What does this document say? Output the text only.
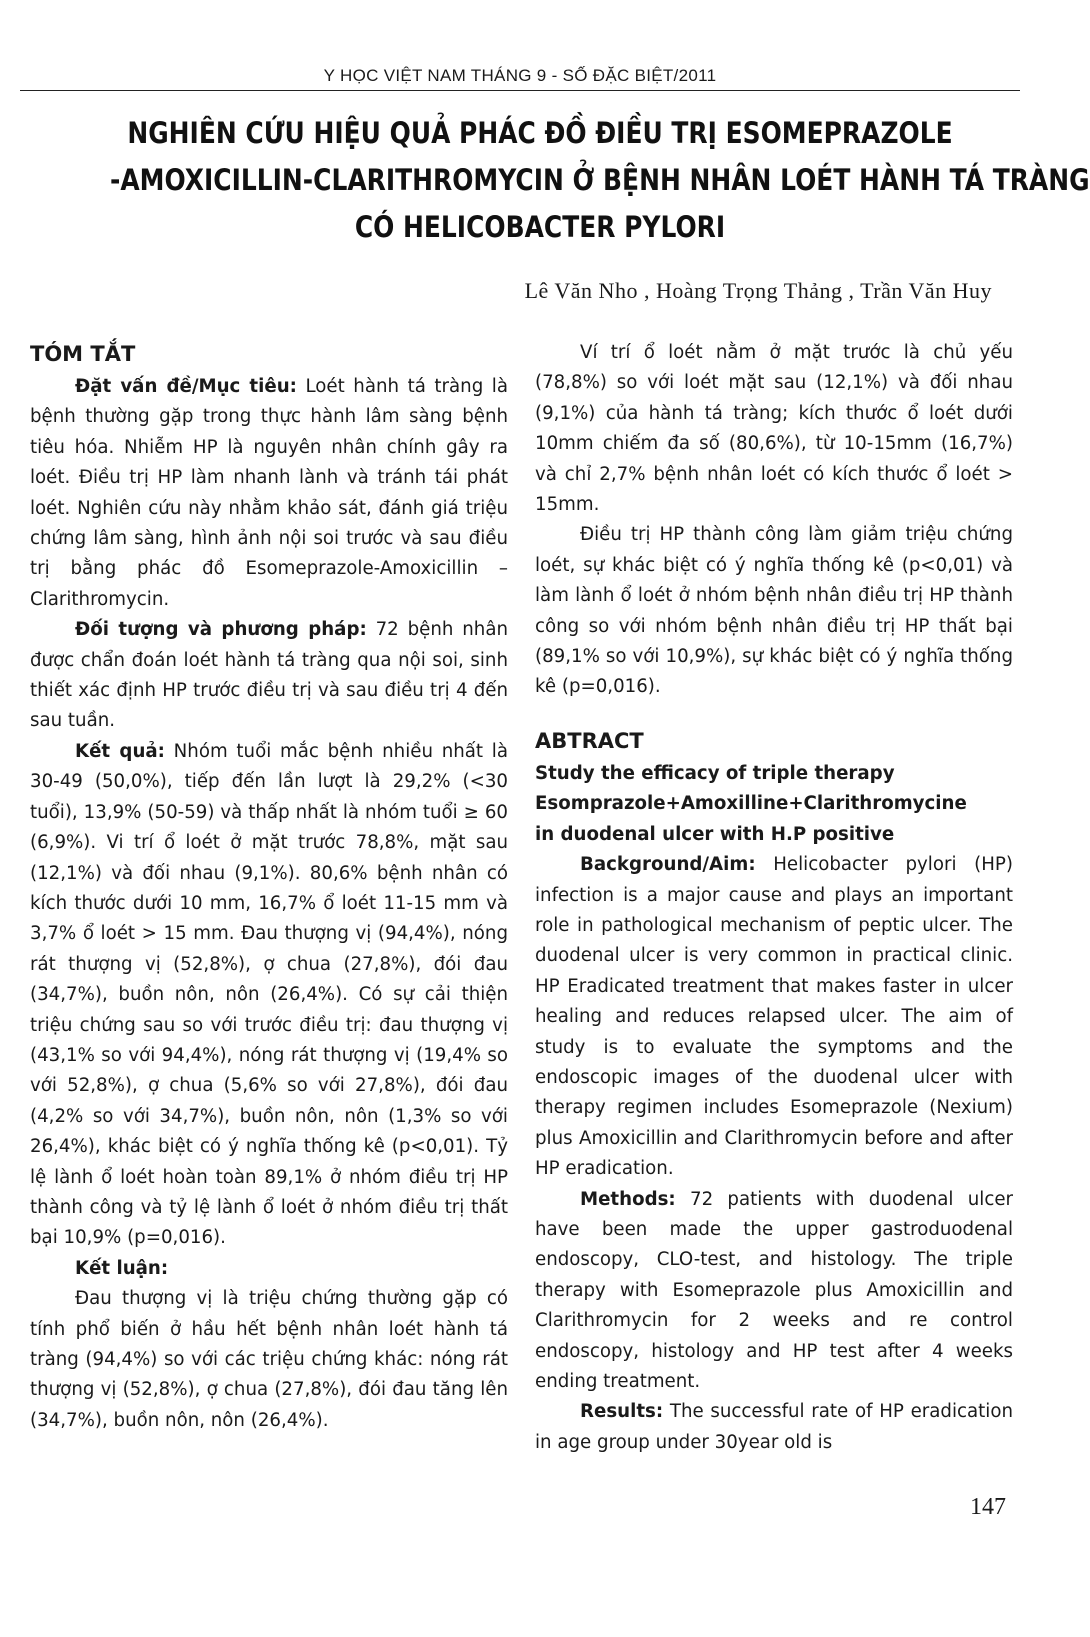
Y HỌC VIỆT NAM THÁNG 9 - SỐ ĐẶC BIỆT/2011
NGHIÊN CỨU HIỆU QUẢ PHÁC ĐỒ ĐIỀU TRỊ ESOMEPRAZOLE
-AMOXICILLIN-CLARITHROMYCIN Ở BỆNH NHÂN LOÉT HÀNH TÁ TRÀNG
CÓ HELICOBACTER PYLORI
Lê Văn Nho , Hoàng Trọng Thảng , Trần Văn Huy
TÓM TẮT

Đặt vấn đề/Mục tiêu: Loét hành tá tràng là bệnh thường gặp trong thực hành lâm sàng bệnh tiêu hóa. Nhiễm HP là nguyên nhân chính gây ra loét. Điều trị HP làm nhanh lành và tránh tái phát loét. Nghiên cứu này nhằm khảo sát, đánh giá triệu chứng lâm sàng, hình ảnh nội soi trước và sau điều trị bằng phác đồ Esomeprazole-Amoxicillin –Clarithromycin.

Đối tượng và phương pháp: 72 bệnh nhân được chẩn đoán loét hành tá tràng qua nội soi, sinh thiết xác định HP trước điều trị và sau điều trị 4 đến sau tuần.

Kết quả: Nhóm tuổi mắc bệnh nhiều nhất là 30-49 (50,0%), tiếp đến lần lượt là 29,2% (<30 tuổi), 13,9% (50-59) và thấp nhất là nhóm tuổi ≥ 60 (6,9%). Vi trí ổ loét ở mặt trước 78,8%, mặt sau (12,1%) và đối nhau (9,1%). 80,6% bệnh nhân có kích thước dưới 10 mm, 16,7% ổ loét 11-15 mm và 3,7% ổ loét > 15 mm. Đau thượng vị (94,4%), nóng rát thượng vị (52,8%), ợ chua (27,8%), đói đau (34,7%), buồn nôn, nôn (26,4%). Có sự cải thiện triệu chứng sau so với trước điều trị: đau thượng vị (43,1% so với 94,4%), nóng rát thượng vị (19,4% so với 52,8%), ợ chua (5,6% so với 27,8%), đói đau (4,2% so với 34,7%), buồn nôn, nôn (1,3% so với 26,4%), khác biệt có ý nghĩa thống kê (p<0,01). Tỷ lệ lành ổ loét hoàn toàn 89,1% ở nhóm điều trị HP thành công và tỷ lệ lành ổ loét ở nhóm điều trị thất bại 10,9% (p=0,016).

Kết luận:

Đau thượng vị là triệu chứng thường gặp có tính phổ biến ở hầu hết bệnh nhân loét hành tá tràng (94,4%) so với các triệu chứng khác: nóng rát thượng vị (52,8%), ợ chua (27,8%), đói đau tăng lên (34,7%), buồn nôn, nôn (26,4%).

Ví trí ổ loét nằm ở mặt trước là chủ yếu (78,8%) so với loét mặt sau (12,1%) và đối nhau (9,1%) của hành tá tràng; kích thước ổ loét dưới 10mm chiếm đa số (80,6%), từ 10-15mm (16,7%) và chỉ 2,7% bệnh nhân loét có kích thước ổ loét > 15mm.

Điều trị HP thành công làm giảm triệu chứng loét, sự khác biệt có ý nghĩa thống kê (p<0,01) và làm lành ổ loét ở nhóm bệnh nhân điều trị HP thành công so với nhóm bệnh nhân điều trị HP thất bại (89,1% so với 10,9%), sự khác biệt có ý nghĩa thống kê (p=0,016).

ABTRACT

Study the efficacy of triple therapy

Esomprazole+Amoxilline+Clarithromycine

in duodenal ulcer with H.P positive

Background/Aim: Helicobacter pylori (HP) infection is a major cause and plays an important role in pathological mechanism of peptic ulcer. The duodenal ulcer is very common in practical clinic. HP Eradicated treatment that makes faster in ulcer healing and reduces relapsed ulcer. The aim of study is to evaluate the symptoms and the endoscopic images of the duodenal ulcer with therapy regimen includes Esomeprazole (Nexium) plus Amoxicillin and Clarithromycin before and after HP eradication.

Methods: 72 patients with duodenal ulcer have been made the upper gastroduodenal endoscopy, CLO-test, and histology. The triple therapy with Esomeprazole plus Amoxicillin and Clarithromycin for 2 weeks and re control endoscopy, histology and HP test after 4 weeks ending treatment.

Results: The successful rate of HP eradication in age group under 30year old is

147
